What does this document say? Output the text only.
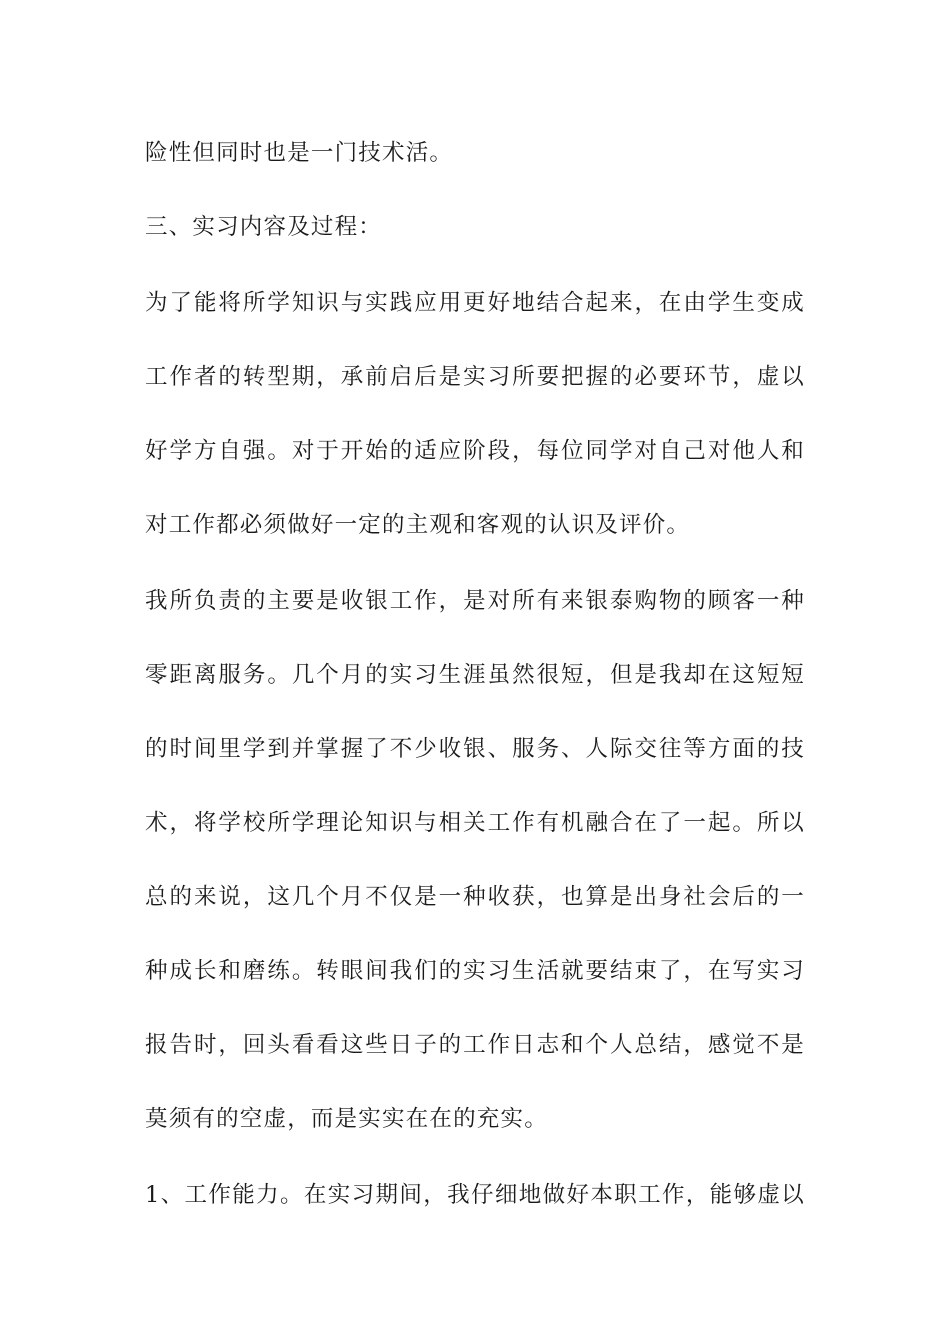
险性但同时也是一门技术活。

三、实习内容及过程：

为了能将所学知识与实践应用更好地结合起来，在由学生变成

工作者的转型期，承前启后是实习所要把握的必要环节，虚以

好学方自强。对于开始的适应阶段，每位同学对自己对他人和

对工作都必须做好一定的主观和客观的认识及评价。

我所负责的主要是收银工作，是对所有来银泰购物的顾客一种

零距离服务。几个月的实习生涯虽然很短，但是我却在这短短

的时间里学到并掌握了不少收银、服务、人际交往等方面的技

术，将学校所学理论知识与相关工作有机融合在了一起。所以

总的来说，这几个月不仅是一种收获，也算是出身社会后的一

种成长和磨练。转眼间我们的实习生活就要结束了，在写实习

报告时，回头看看这些日子的工作日志和个人总结，感觉不是

莫须有的空虚，而是实实在在的充实。

1、工作能力。在实习期间，我仔细地做好本职工作，能够虚以
